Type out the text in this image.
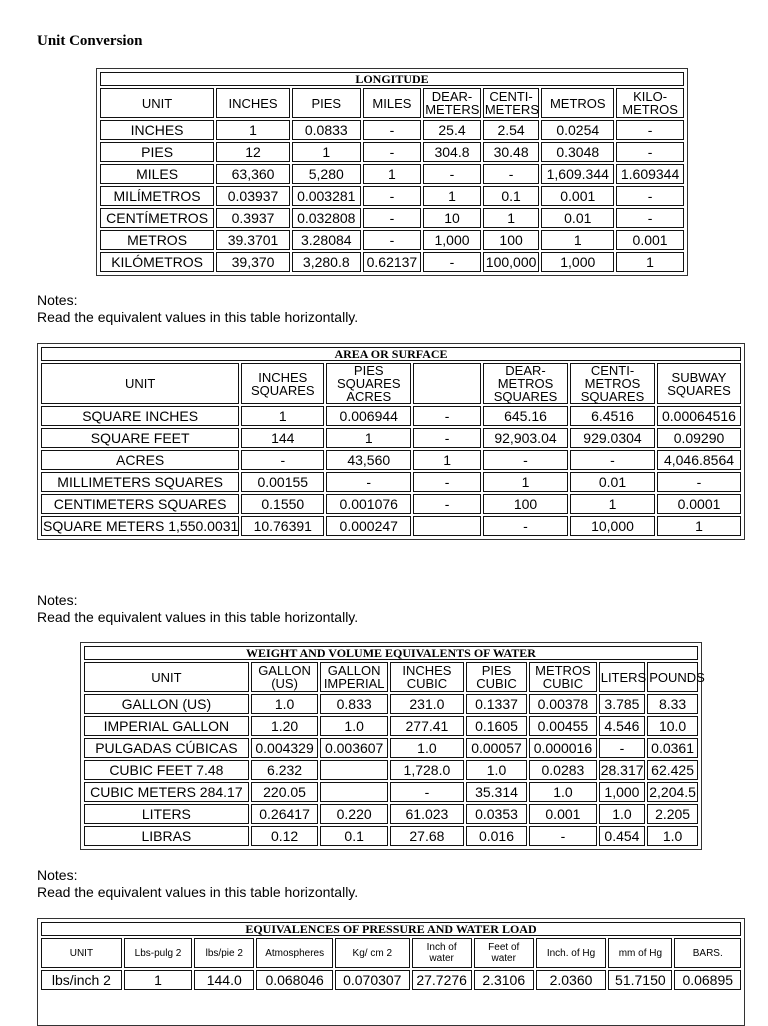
Unit Conversion
LONGITUDE							
UNIT	INCHES	PIES	MILES	DEAR-METERS	CENTI-METERS	METROS	KILO-METROS
INCHES	1	0.0833	-	25.4	2.54	0.0254	-
PIES	12	1	-	304.8	30.48	0.3048	-
MILES	63,360	5,280	1	-	-	1,609.344	1.609344
MILÍMETROS	0.03937	0.003281	-	1	0.1	0.001	-
CENTÍMETROS	0.3937	0.032808	-	10	1	0.01	-
METROS	39.3701	3.28084	-	1,000	100	1	0.001
KILÓMETROS	39,370	3,280.8	0.62137	-	100,000	1,000	1
Notes:
Read the equivalent values in this table horizontally.
AREA OR SURFACE						
UNIT	INCHES SQUARES	PIES SQUARES ACRES		DEAR-METROS SQUARES	CENTI-METROS SQUARES	SUBWAY SQUARES
SQUARE INCHES	1	0.006944	-	645.16	6.4516	0.00064516
SQUARE FEET	144	1	-	92,903.04	929.0304	0.09290
ACRES	-	43,560	1	-	-	4,046.8564
MILLIMETERS SQUARES	0.00155	-	-	1	0.01	-
CENTIMETERS SQUARES	0.1550	0.001076	-	100	1	0.0001
SQUARE METERS 1,550.0031	10.76391	0.000247		-	10,000	1
Notes:
Read the equivalent values in this table horizontally.
WEIGHT AND VOLUME EQUIVALENTS OF WATER							
UNIT	GALLON (US)	GALLON IMPERIAL	INCHES CUBIC	PIES CUBIC	METROS CUBIC	LITERS	POUNDS
GALLON (US)	1.0	0.833	231.0	0.1337	0.00378	3.785	8.33
IMPERIAL GALLON	1.20	1.0	277.41	0.1605	0.00455	4.546	10.0
PULGADAS CÚBICAS	0.004329	0.003607	1.0	0.00057	0.000016	-	0.0361
CUBIC FEET 7.48	6.232		1,728.0	1.0	0.0283	28.317	62.425
CUBIC METERS 284.17	220.05		-	35.314	1.0	1,000	2,204.5
LITERS	0.26417	0.220	61.023	0.0353	0.001	1.0	2.205
LIBRAS	0.12	0.1	27.68	0.016	-	0.454	1.0
Notes:
Read the equivalent values in this table horizontally.
EQUIVALENCES OF PRESSURE AND WATER LOAD									
UNIT	Lbs-pulg 2	lbs/pie 2	Atmospheres	Kg/ cm 2	Inch of water	Feet of water	Inch. of Hg	mm of Hg	BARS.
lbs/inch 2	1	144.0	0.068046	0.070307	27.7276	2.3106	2.0360	51.7150	0.06895
